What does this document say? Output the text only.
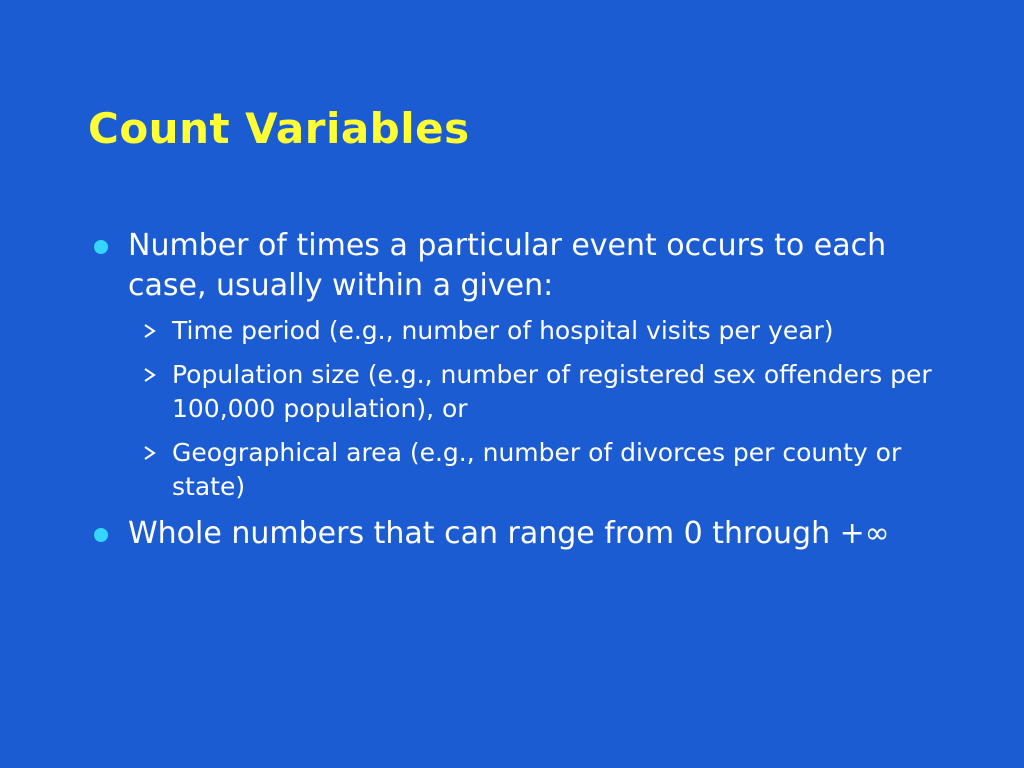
Count Variables
Number of times a particular event occurs to each case, usually within a given:
Time period (e.g., number of hospital visits per year)
Population size (e.g., number of registered sex offenders per 100,000 population), or
Geographical area (e.g., number of divorces per county or state)
Whole numbers that can range from 0 through +∞
